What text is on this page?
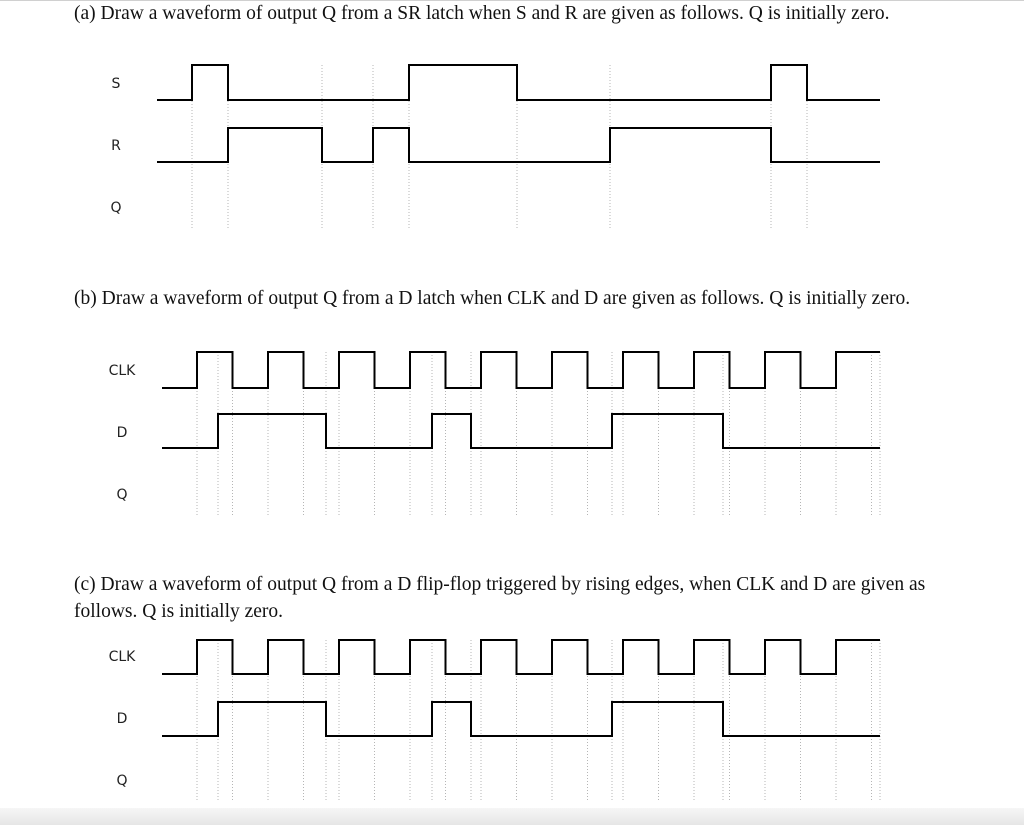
(a) Draw a waveform of output Q from a SR latch when S and R are given as follows. Q is initially zero.
(b) Draw a waveform of output Q from a D latch when CLK and D are given as follows. Q is initially zero.
(c) Draw a waveform of output Q from a D flip-flop triggered by rising edges, when CLK and D are given as follows. Q is initially zero.
S
R
Q
CLK
D
Q
CLK
D
Q
